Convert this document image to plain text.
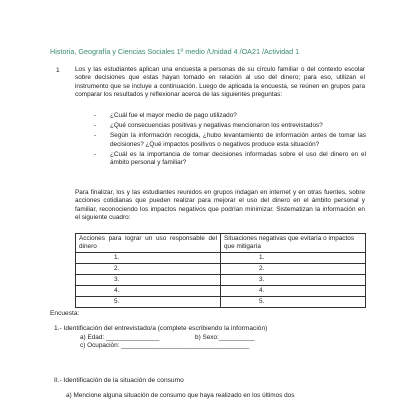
Historia, Geografía y Ciencias Sociales 1º medio /Unidad 4 /OA21 /Actividad 1
1 Los y las estudiantes aplican una encuesta a personas de su círculo familiar o del contexto escolar sobre decisiones que estas hayan tomado en relación al uso del dinero; para eso, utilizan el instrumento que se incluye a continuación. Luego de aplicada la encuesta, se reúnen en grupos para comparar los resultados y reflexionar acerca de las siguientes preguntas:

- ¿Cuál fue el mayor medio de pago utilizado?
- ¿Qué consecuencias positivas y negativas mencionaron los entrevistados?
- Según la información recogida, ¿hubo levantamiento de información antes de tomar las decisiones? ¿Qué impactos positivos o negativos produce esta situación?
- ¿Cuál es la importancia de tomar decisiones informadas sobre el uso del dinero en el ámbito personal y familiar?

Para finalizar, los y las estudiantes reunidos en grupos indagan en internet y en otras fuentes, sobre acciones cotidianas que pueden realizar para mejorar el uso del dinero en el ámbito personal y familiar, reconociendo los impactos negativos que podrían minimizar. Sistematizan la información en el siguiente cuadro:

Acciones para lograr un uso responsable del dinero	Situaciones negativas que evitaría o impactos que mitigaría
1.	1.
2.	2.
3.	3.
4.	4.
5.	5.
Encuesta:
1.- Identificación del entrevistado/a (complete escribiendo la información)
a) Edad: _______________	b) Sexo:__________
c) Ocupación: ____________________________________
II.- Identificación de la situación de consumo
a) Mencione alguna situación de consumo que haya realizado en los últimos dos
